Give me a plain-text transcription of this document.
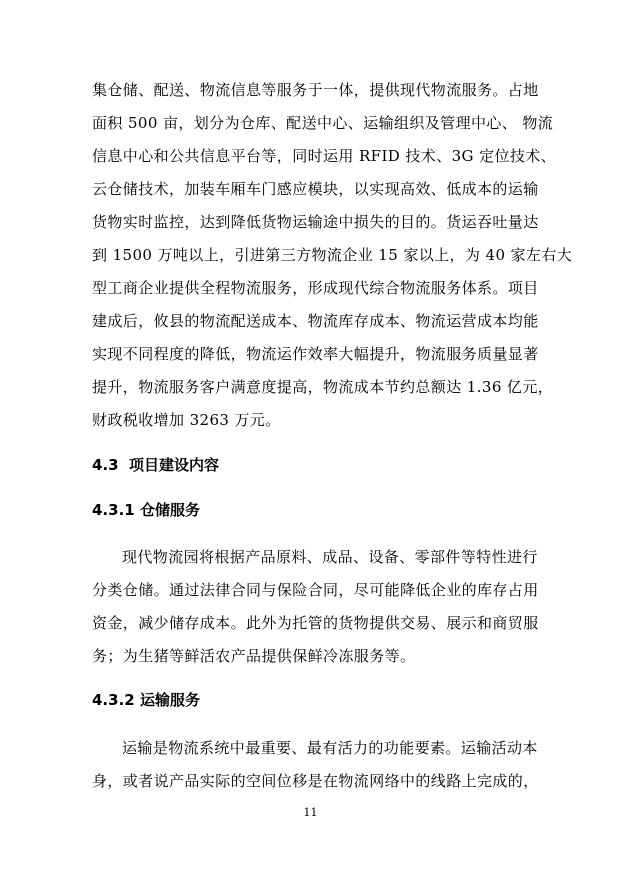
集仓储、配送、物流信息等服务于一体，提供现代物流服务。占地
面积 500 亩，划分为仓库、配送中心、运输组织及管理中心、 物流
信息中心和公共信息平台等，同时运用 RFID 技术、3G 定位技术、
云仓储技术，加装车厢车门感应模块，以实现高效、低成本的运输
货物实时监控，达到降低货物运输途中损失的目的。货运吞吐量达
到 1500 万吨以上，引进第三方物流企业 15 家以上，为 40 家左右大
型工商企业提供全程物流服务，形成现代综合物流服务体系。项目
建成后，攸县的物流配送成本、物流库存成本、物流运营成本均能
实现不同程度的降低，物流运作效率大幅提升，物流服务质量显著
提升，物流服务客户满意度提高，物流成本节约总额达 1.36 亿元，
财政税收增加 3263 万元。
4.3 项目建设内容
4.3.1 仓储服务
现代物流园将根据产品原料、成品、设备、零部件等特性进行
分类仓储。通过法律合同与保险合同，尽可能降低企业的库存占用
资金，减少储存成本。此外为托管的货物提供交易、展示和商贸服
务；为生猪等鲜活农产品提供保鲜冷冻服务等。
4.3.2 运输服务
运输是物流系统中最重要、最有活力的功能要素。运输活动本
身，或者说产品实际的空间位移是在物流网络中的线路上完成的，
11
